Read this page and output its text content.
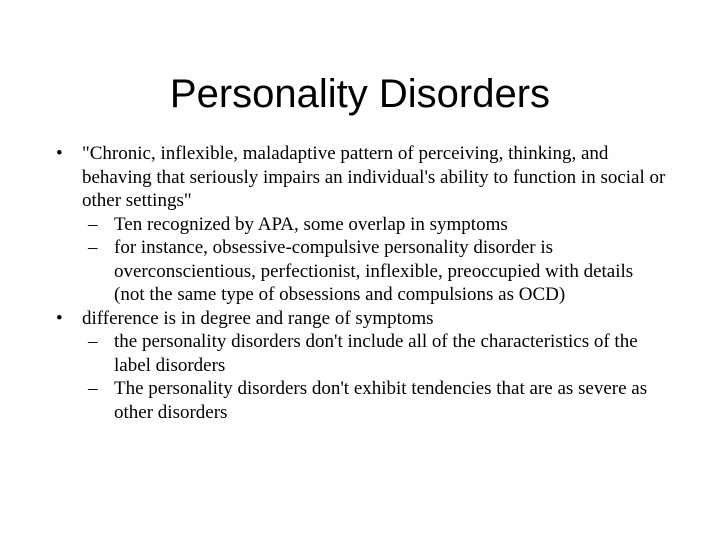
Personality Disorders
• "Chronic, inflexible, maladaptive pattern of perceiving, thinking, and behaving that seriously impairs an individual's ability to function in social or other settings"
– Ten recognized by APA, some overlap in symptoms
– for instance, obsessive-compulsive personality disorder is overconscientious, perfectionist, inflexible, preoccupied with details (not the same type of obsessions and compulsions as OCD)
• difference is in degree and range of symptoms
– the personality disorders don't include all of the characteristics of the label disorders
– The personality disorders don't exhibit tendencies that are as severe as other disorders
